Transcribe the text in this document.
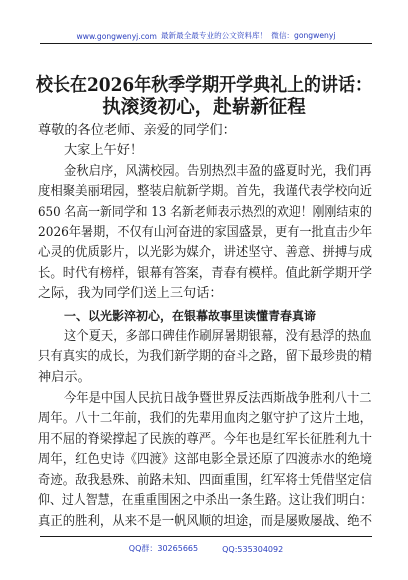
www.gongwenyj.com 最新最全最专业的公文资料库！ 微信：gongwenyj
校长在2026年秋季学期开学典礼上的讲话：
执滚烫初心，赴崭新征程
尊敬的各位老师、亲爱的同学们：
大家上午好！
金秋启序，风满校园。告别热烈丰盈的盛夏时光，我们再
度相聚美丽珺园，整装启航新学期。首先，我谨代表学校向近
650 名高一新同学和 13 名新老师表示热烈的欢迎！刚刚结束的
2026年暑期，不仅有山河奋进的家国盛景，更有一批直击少年
心灵的优质影片，以光影为媒介，讲述坚守、善意、拼搏与成
长。时代有榜样，银幕有答案，青春有模样。值此新学期开学
之际，我为同学们送上三句话：
一、以光影淬初心，在银幕故事里读懂青春真谛
这个夏天，多部口碑佳作刷屏暑期银幕，没有悬浮的热血
只有真实的成长，为我们新学期的奋斗之路，留下最珍贵的精
神启示。
今年是中国人民抗日战争暨世界反法西斯战争胜利八十二
周年。八十二年前，我们的先辈用血肉之躯守护了这片土地，
用不屈的脊梁撑起了民族的尊严。今年也是红军长征胜利九十
周年，红色史诗《四渡》这部电影全景还原了四渡赤水的绝境
奇迹。敌我悬殊、前路未知、四面重围，红军将士凭借坚定信
仰、过人智慧，在重重围困之中杀出一条生路。这让我们明白：
真正的胜利，从来不是一帆风顺的坦途，而是屡败屡战、绝不
QQ群：30265665	QQ:535304092
